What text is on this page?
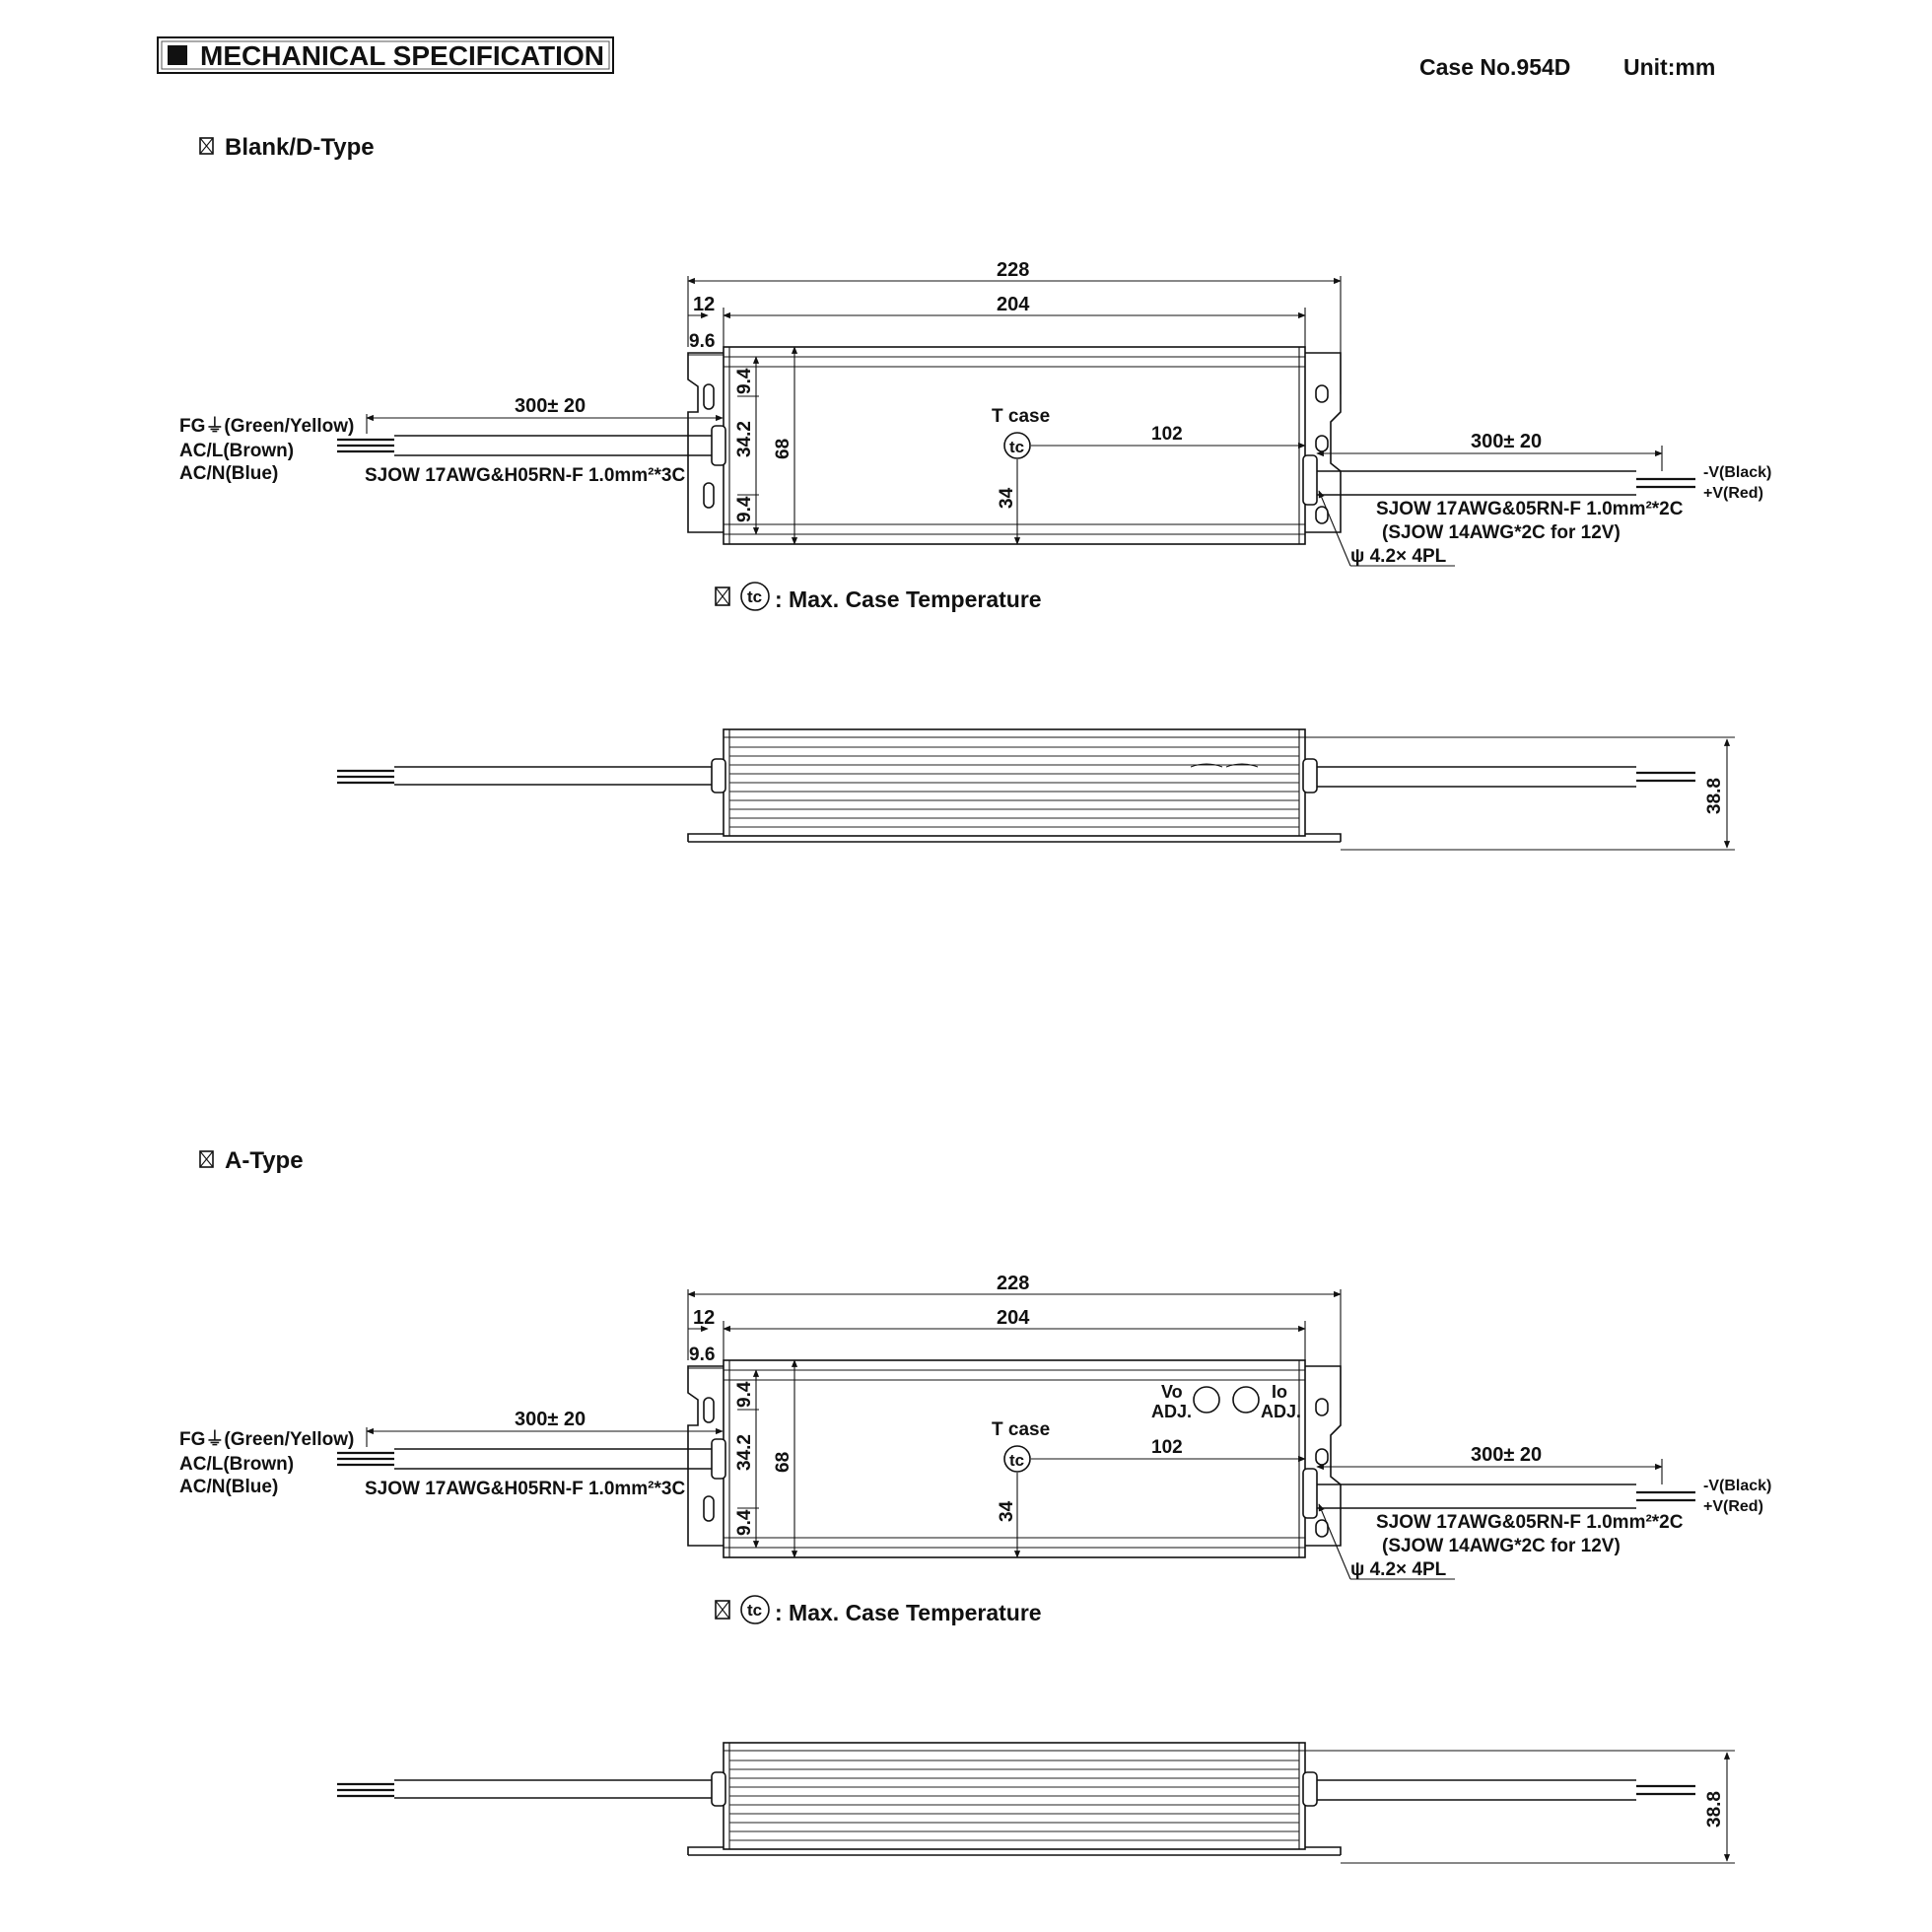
MECHANICAL SPECIFICATION	Case No.954D Unit:mm
Blank/D-Type
228
204
12
9.6
9.4
34.2
9.4
68
T case
tc
102
34
300± 20
FG⏚(Green/Yellow)
AC/L(Brown)
AC/N(Blue)	SJOW 17AWG&H05RN-F 1.0mm²*3C
300± 20
-V(Black)
+V(Red)
SJOW 17AWG&05RN-F 1.0mm²*2C
(SJOW 14AWG*2C for 12V)
ψ 4.2× 4PL
tc : Max. Case Temperature
38.8
A-Type
228
204
12
9.6
9.4
34.2
9.4
68
T case
tc
102
34
300± 20
FG⏚(Green/Yellow)
AC/L(Brown)
AC/N(Blue)	SJOW 17AWG&H05RN-F 1.0mm²*3C
300± 20
-V(Black)
+V(Red)
SJOW 17AWG&05RN-F 1.0mm²*2C
(SJOW 14AWG*2C for 12V)
ψ 4.2× 4PL
tc : Max. Case Temperature
38.8
Vo
ADJ.
Io
ADJ.
